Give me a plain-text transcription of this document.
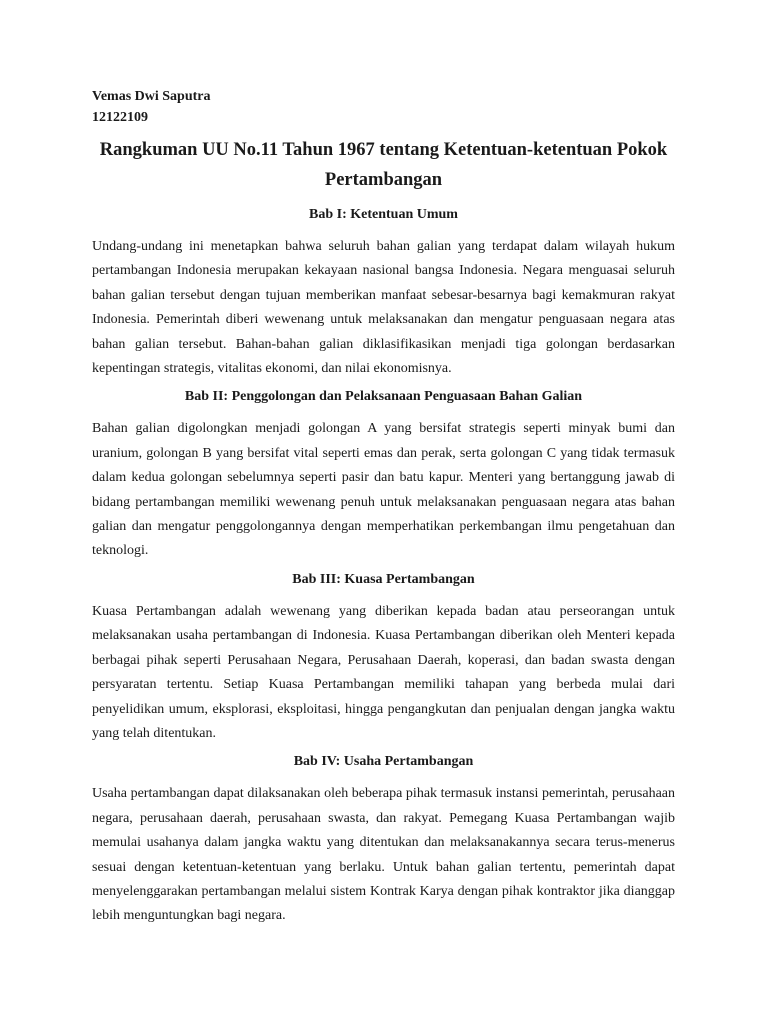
Vemas Dwi Saputra

12122109

Rangkuman UU No.11 Tahun 1967 tentang Ketentuan-ketentuan Pokok Pertambangan
Bab I: Ketentuan Umum

Undang-undang ini menetapkan bahwa seluruh bahan galian yang terdapat dalam wilayah hukum pertambangan Indonesia merupakan kekayaan nasional bangsa Indonesia. Negara menguasai seluruh bahan galian tersebut dengan tujuan memberikan manfaat sebesar-besarnya bagi kemakmuran rakyat Indonesia. Pemerintah diberi wewenang untuk melaksanakan dan mengatur penguasaan negara atas bahan galian tersebut. Bahan-bahan galian diklasifikasikan menjadi tiga golongan berdasarkan kepentingan strategis, vitalitas ekonomi, dan nilai ekonomisnya.

Bab II: Penggolongan dan Pelaksanaan Penguasaan Bahan Galian

Bahan galian digolongkan menjadi golongan A yang bersifat strategis seperti minyak bumi dan uranium, golongan B yang bersifat vital seperti emas dan perak, serta golongan C yang tidak termasuk dalam kedua golongan sebelumnya seperti pasir dan batu kapur. Menteri yang bertanggung jawab di bidang pertambangan memiliki wewenang penuh untuk melaksanakan penguasaan negara atas bahan galian dan mengatur penggolongannya dengan memperhatikan perkembangan ilmu pengetahuan dan teknologi.

Bab III: Kuasa Pertambangan

Kuasa Pertambangan adalah wewenang yang diberikan kepada badan atau perseorangan untuk melaksanakan usaha pertambangan di Indonesia. Kuasa Pertambangan diberikan oleh Menteri kepada berbagai pihak seperti Perusahaan Negara, Perusahaan Daerah, koperasi, dan badan swasta dengan persyaratan tertentu. Setiap Kuasa Pertambangan memiliki tahapan yang berbeda mulai dari penyelidikan umum, eksplorasi, eksploitasi, hingga pengangkutan dan penjualan dengan jangka waktu yang telah ditentukan.

Bab IV: Usaha Pertambangan

Usaha pertambangan dapat dilaksanakan oleh beberapa pihak termasuk instansi pemerintah, perusahaan negara, perusahaan daerah, perusahaan swasta, dan rakyat. Pemegang Kuasa Pertambangan wajib memulai usahanya dalam jangka waktu yang ditentukan dan melaksanakannya secara terus-menerus sesuai dengan ketentuan-ketentuan yang berlaku. Untuk bahan galian tertentu, pemerintah dapat menyelenggarakan pertambangan melalui sistem Kontrak Karya dengan pihak kontraktor jika dianggap lebih menguntungkan bagi negara.
